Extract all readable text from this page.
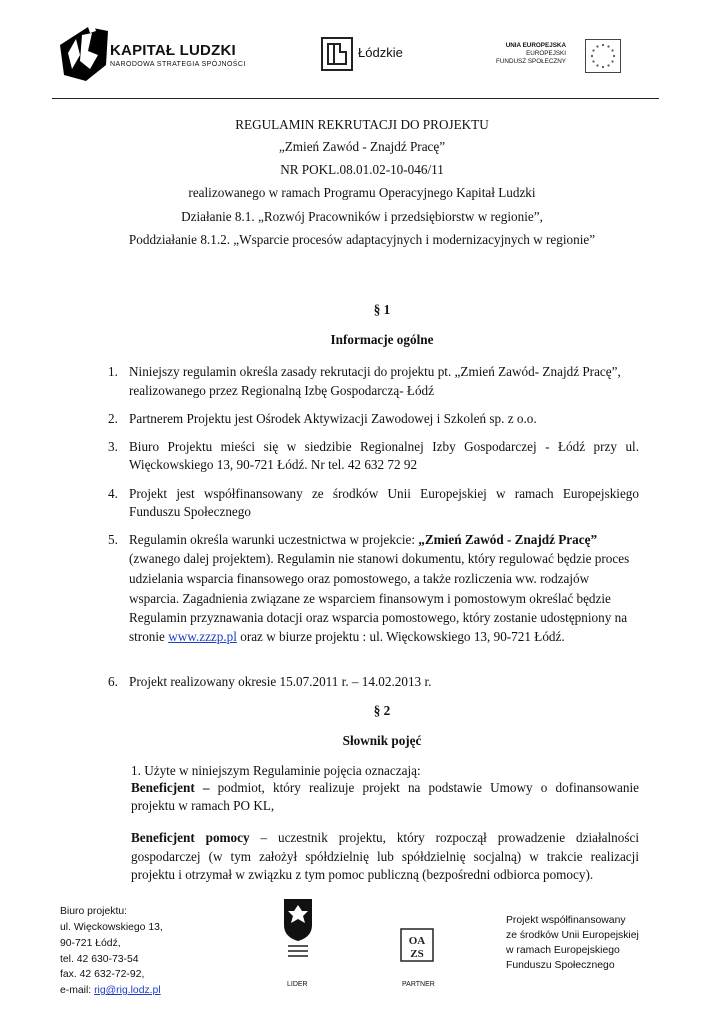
KAPITAŁ LUDZKI
NARODOWA STRATEGIA SPÓJNOŚCI
Łódzkie	UNIA EUROPEJSKA
EUROPEJSKI
FUNDUSZ SPOŁECZNY
REGULAMIN REKRUTACJI DO PROJEKTU
„Zmień Zawód - Znajdź Pracę”
NR POKL.08.01.02-10-046/11
realizowanego w ramach Programu Operacyjnego Kapitał Ludzki
Działanie 8.1. „Rozwój Pracowników i przedsiębiorstw w regionie”,
Poddziałanie 8.1.2. „Wsparcie procesów adaptacyjnych i modernizacyjnych w regionie”
§ 1
Informacje ogólne
1. Niniejszy regulamin określa zasady rekrutacji do projektu pt. „Zmień Zawód- Znajdź Pracę”,
realizowanego przez Regionalną Izbę Gospodarczą- Łódź
2. Partnerem Projektu jest Ośrodek Aktywizacji Zawodowej i Szkoleń sp. z o.o.
3. Biuro Projektu mieści się w siedzibie Regionalnej Izby Gospodarczej - Łódź przy ul.
Więckowskiego 13, 90-721 Łódź. Nr tel. 42 632 72 92
4. Projekt jest współfinansowany ze środków Unii Europejskiej w ramach Europejskiego
Funduszu Społecznego
5. Regulamin określa warunki uczestnictwa w projekcie: „Zmień Zawód - Znajdź Pracę”
(zwanego dalej projektem). Regulamin nie stanowi dokumentu, który regulować będzie proces
udzielania wsparcia finansowego oraz pomostowego, a także rozliczenia ww. rodzajów
wsparcia. Zagadnienia związane ze wsparciem finansowym i pomostowym określać będzie
Regulamin przyznawania dotacji oraz wsparcia pomostowego, który zostanie udostępniony na
stronie www.zzzp.pl oraz w biurze projektu : ul. Więckowskiego 13, 90-721 Łódź.
6. Projekt realizowany okresie 15.07.2011 r. – 14.02.2013 r.
§ 2
Słownik pojęć
1. Użyte w niniejszym Regulaminie pojęcia oznaczają:
Beneficjent – podmiot, który realizuje projekt na podstawie Umowy o dofinansowanie
projektu w ramach PO KL,
Beneficjent pomocy – uczestnik projektu, który rozpoczął prowadzenie działalności
gospodarczej (w tym założył spółdzielnię lub spółdzielnię socjalną) w trakcie realizacji
projektu i otrzymał w związku z tym pomoc publiczną (bezpośredni odbiorca pomocy).
Biuro projektu:
ul. Więckowskiego 13,
90-721 Łódź,
tel. 42 630-73-54
fax. 42 632-72-92,
e-mail: rig@rig.lodz.pl
LIDER
OA
ZS
PARTNER
Projekt współfinansowany
ze środków Unii Europejskiej
w ramach Europejskiego
Funduszu Społecznego
